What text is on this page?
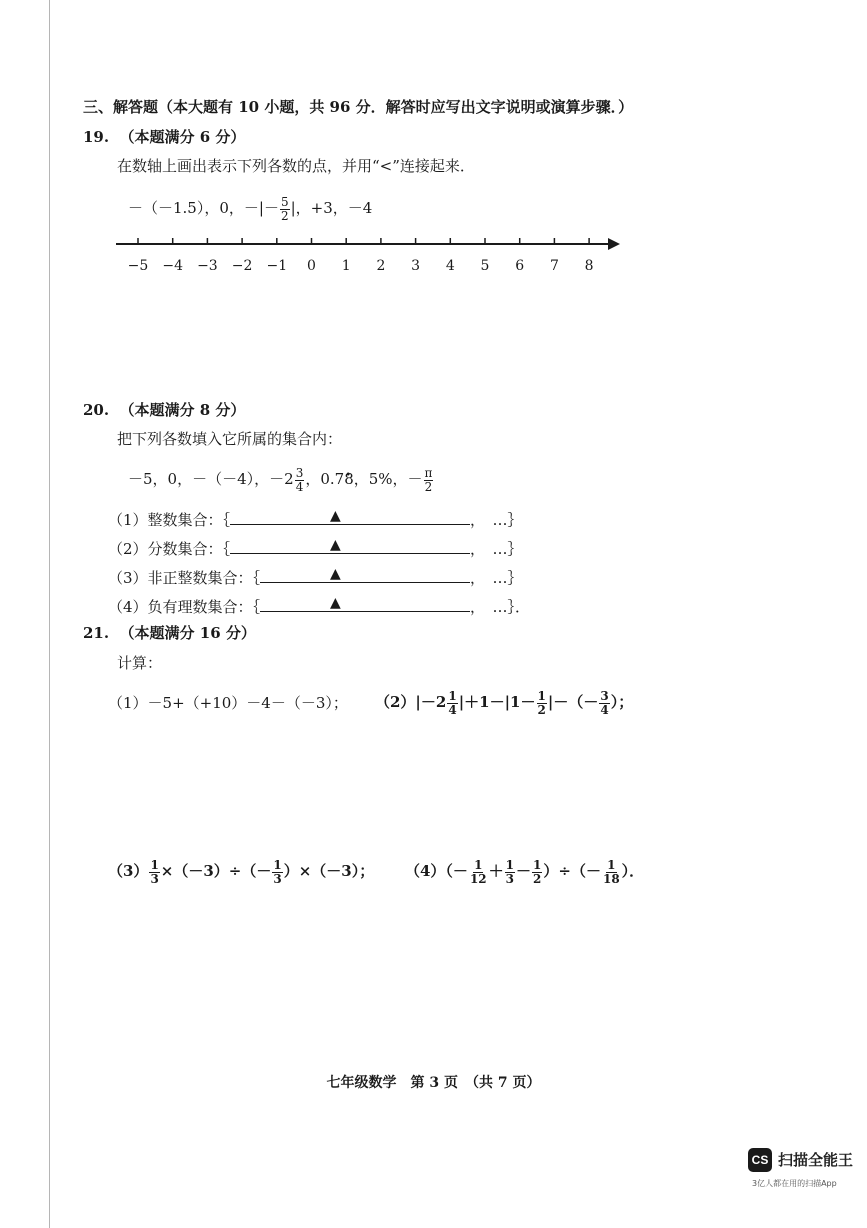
三、解答题（本大题有 10 小题，共 96 分．解答时应写出文字说明或演算步骤．）
19.  （本题满分 6 分）
在数轴上画出表示下列各数的点，并用“<”连接起来．
－（－1.5），0，－|－ $\frac{5}{2}$ |，+3，－4
−5 −4 −3 −2 −1 0 1 2 3 4 5 6 7 8
20.  （本题满分 8 分）
把下列各数填入它所属的集合内：
－5，0，－（－4），$-2 \frac{3}{4}$ ，0.7• 8，5%，－ $\frac{\pi}{2}$
（1）整数集合：｛	▲	，　…｝
（2）分数集合：｛	▲	，　…｝
（3）非正整数集合：｛	▲	，　…｝
（4）负有理数集合：｛	▲	，　…｝．
21.  （本题满分 16 分）
计算：
（1）－5+（+10）－4－（－3）； $(2)|-2 \frac{1}{4} |+1-|1- \frac{1}{2}$ |－（－ $\frac{3}{4}$ ）；
$(3) \frac{1}{3} \times(-3)\div(- \frac{1}{3} )\times(-3)$； $(4)(- \frac{1}{12} + \frac{1}{3} - \frac{1}{2}$ ）÷（－ $\frac{1}{18}$ ）．
七年级数学　第 3 页　（共 7 页）
CS 扫描全能王
3亿人都在用的扫描App
